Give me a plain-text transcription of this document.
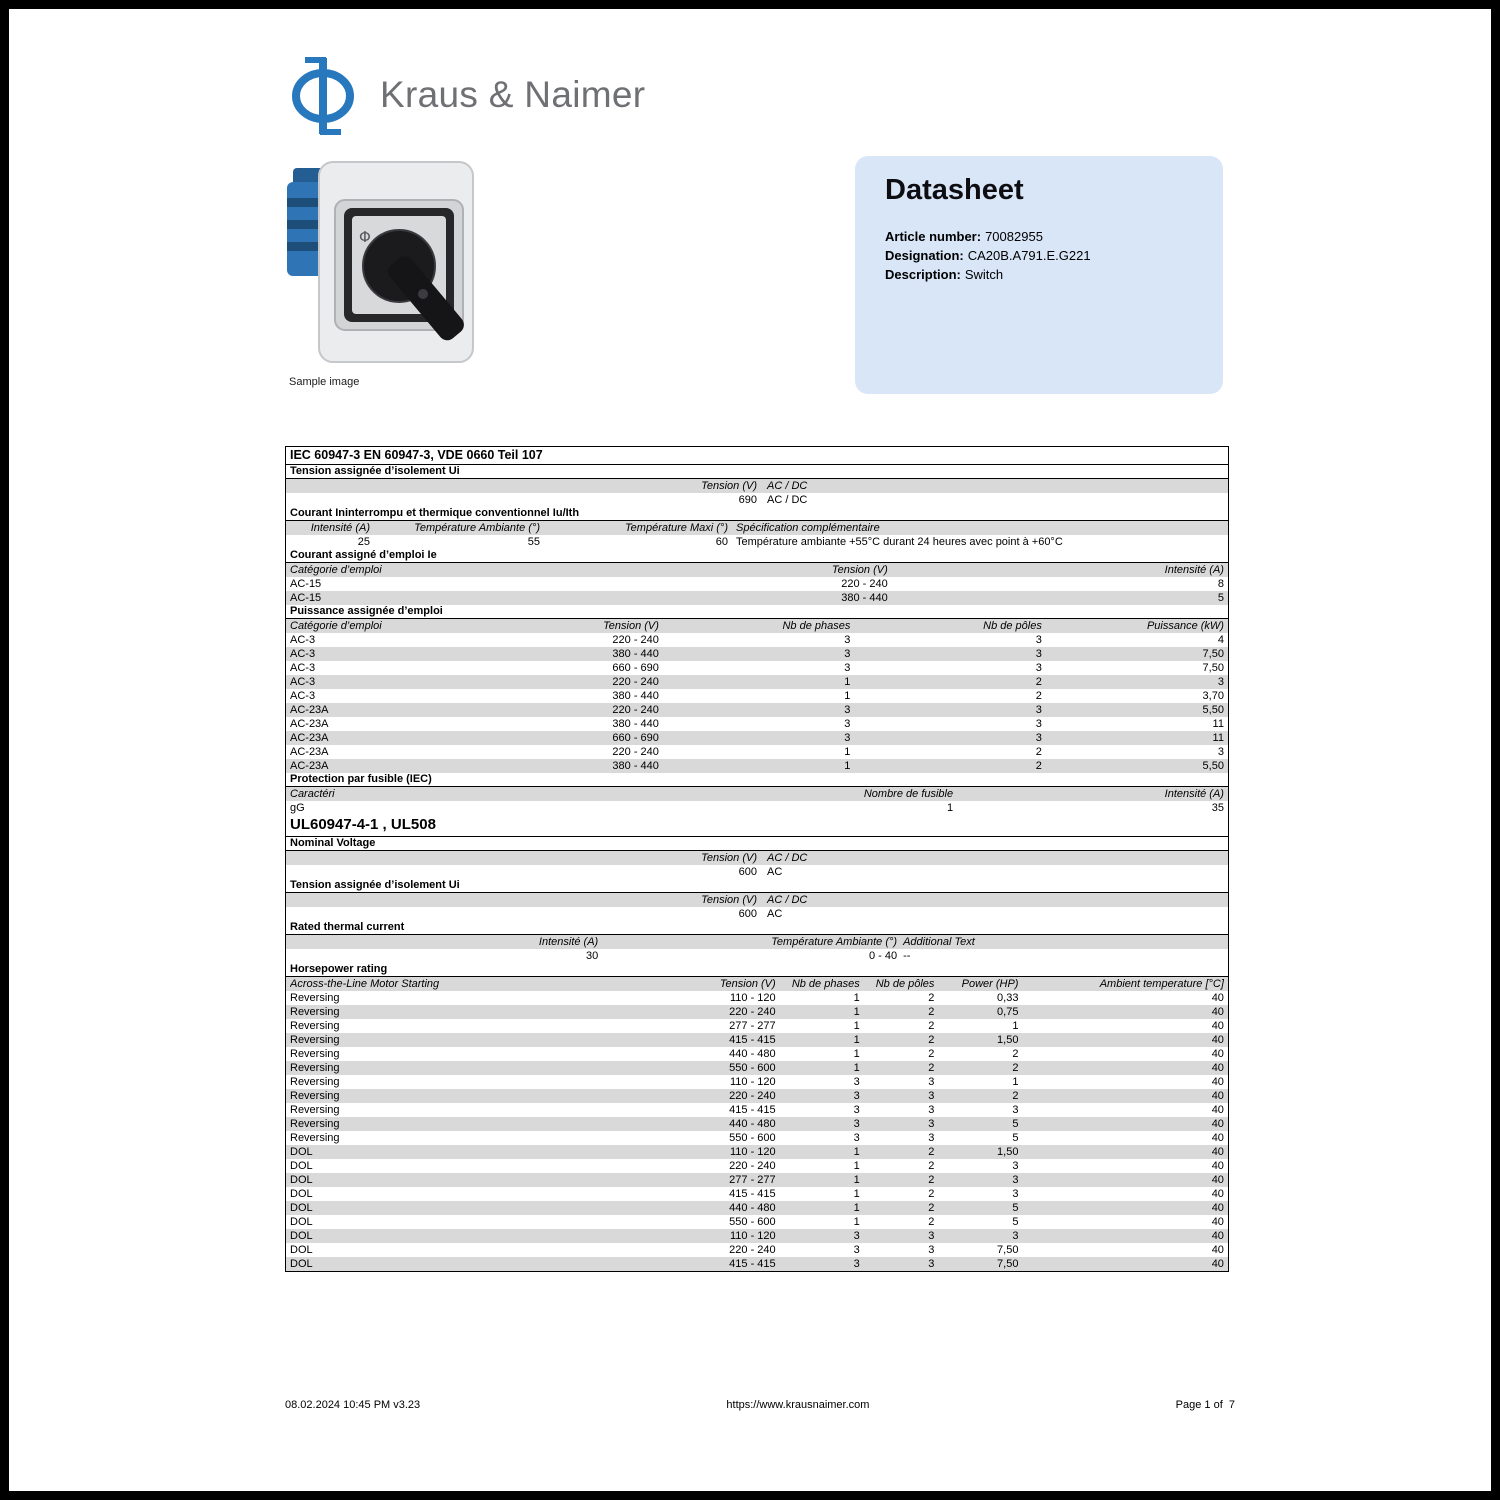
Kraus & Naimer
Φ
Sample image
Datasheet
Article number: 70082955
Designation: CA20B.A791.E.G221
Description: Switch
IEC 60947-3 EN 60947-3, VDE 0660 Teil 107
Tension assignée d’isolement Ui
Tension (V) AC / DC
690 AC / DC
Courant Ininterrompu et thermique conventionnel Iu/Ith
Intensité (A)	Température Ambiante (°)	Température Maxi (°) Spécification complémentaire
25	55	60 Température ambiante +55°C durant 24 heures avec point à +60°C
Courant assigné d’emploi Ie
Catégorie d’emploi	Tension (V)	Intensité (A)
AC-15	220 - 240	8
AC-15	380 - 440	5
Puissance assignée d’emploi
Catégorie d’emploi	Tension (V)	Nb de phases	Nb de pôles	Puissance (kW)
AC-3	220 - 240	3	3	4
AC-3	380 - 440	3	3	7,50
AC-3	660 - 690	3	3	7,50
AC-3	220 - 240	1	2	3
AC-3	380 - 440	1	2	3,70
AC-23A	220 - 240	3	3	5,50
AC-23A	380 - 440	3	3	11
AC-23A	660 - 690	3	3	11
AC-23A	220 - 240	1	2	3
AC-23A	380 - 440	1	2	5,50
Protection par fusible (IEC)
Caractéri	Nombre de fusible	Intensité (A)
gG	1	35
UL60947-4-1 , UL508
Nominal Voltage
Tension (V) AC / DC
600 AC
Tension assignée d’isolement Ui
Tension (V) AC / DC
600 AC
Rated thermal current
Intensité (A)	Température Ambiante (°) Additional Text
30	0 - 40 --
Horsepower rating
Across-the-Line Motor Starting	Tension (V)	Nb de phases	Nb de pôles	Power (HP)	Ambient temperature [°C]
Reversing	110 - 120	1	2	0,33	40
Reversing	220 - 240	1	2	0,75	40
Reversing	277 - 277	1	2	1	40
Reversing	415 - 415	1	2	1,50	40
Reversing	440 - 480	1	2	2	40
Reversing	550 - 600	1	2	2	40
Reversing	110 - 120	3	3	1	40
Reversing	220 - 240	3	3	2	40
Reversing	415 - 415	3	3	3	40
Reversing	440 - 480	3	3	5	40
Reversing	550 - 600	3	3	5	40
DOL	110 - 120	1	2	1,50	40
DOL	220 - 240	1	2	3	40
DOL	277 - 277	1	2	3	40
DOL	415 - 415	1	2	3	40
DOL	440 - 480	1	2	5	40
DOL	550 - 600	1	2	5	40
DOL	110 - 120	3	3	3	40
DOL	220 - 240	3	3	7,50	40
DOL	415 - 415	3	3	7,50	40
08.02.2024 10:45 PM v3.23	https://www.krausnaimer.com	Page 1 of  7
